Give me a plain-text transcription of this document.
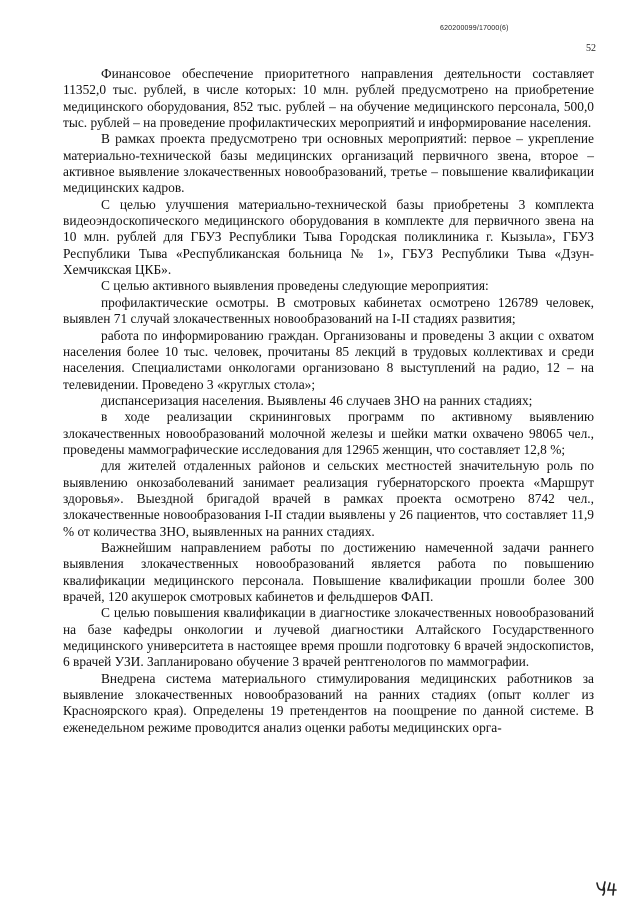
620200099/17000(6)
52

Финансовое обеспечение приоритетного направления деятельности составляет 11352,0 тыс. рублей, в числе которых: 10 млн. рублей предусмотрено на приобретение медицинского оборудования, 852 тыс. рублей – на обучение медицинского персонала, 500,0 тыс. рублей – на проведение профилактических мероприятий и информирование населения.

В рамках проекта предусмотрено три основных мероприятий: первое – укрепление материально-технической базы медицинских организаций первичного звена, второе – активное выявление злокачественных новообразований, третье – повышение квалификации медицинских кадров.

С целью улучшения материально-технической базы приобретены 3 комплекта видеоэндоскопического медицинского оборудования в комплекте для первичного звена на 10 млн. рублей для ГБУЗ Республики Тыва Городская поликлиника г. Кызыла», ГБУЗ Республики Тыва «Республиканская больница № 1», ГБУЗ Республики Тыва «Дзун-Хемчикская ЦКБ».

С целью активного выявления проведены следующие мероприятия:

профилактические осмотры. В смотровых кабинетах осмотрено 126789 человек, выявлен 71 случай злокачественных новообразований на I-II стадиях развития;

работа по информированию граждан. Организованы и проведены 3 акции с охватом населения более 10 тыс. человек, прочитаны 85 лекций в трудовых коллективах и среди населения. Специалистами онкологами организовано 8 выступлений на радио, 12 – на телевидении. Проведено 3 «круглых стола»;

диспансеризация населения. Выявлены 46 случаев ЗНО на ранних стадиях;

в ходе реализации скрининговых программ по активному выявлению злокачественных новообразований молочной железы и шейки матки охвачено 98065 чел., проведены маммографические исследования для 12965 женщин, что составляет 12,8 %;

для жителей отдаленных районов и сельских местностей значительную роль по выявлению онкозаболеваний занимает реализация губернаторского проекта «Маршрут здоровья». Выездной бригадой врачей в рамках проекта осмотрено 8742 чел., злокачественные новообразования I-II стадии выявлены у 26 пациентов, что составляет 11,9 % от количества ЗНО, выявленных на ранних стадиях.

Важнейшим направлением работы по достижению намеченной задачи раннего выявления злокачественных новообразований является работа по повышению квалификации медицинского персонала. Повышение квалификации прошли более 300 врачей, 120 акушерок смотровых кабинетов и фельдшеров ФАП.

С целью повышения квалификации в диагностике злокачественных новообразований на базе кафедры онкологии и лучевой диагностики Алтайского Государственного медицинского университета в настоящее время прошли подготовку 6 врачей эндоскопистов, 6 врачей УЗИ. Запланировано обучение 3 врачей рентгенологов по маммографии.

Внедрена система материального стимулирования медицинских работников за выявление злокачественных новообразований на ранних стадиях (опыт коллег из Красноярского края). Определены 19 претендентов на поощрение по данной системе. В еженедельном режиме проводится анализ оценки работы медицинских орга-
